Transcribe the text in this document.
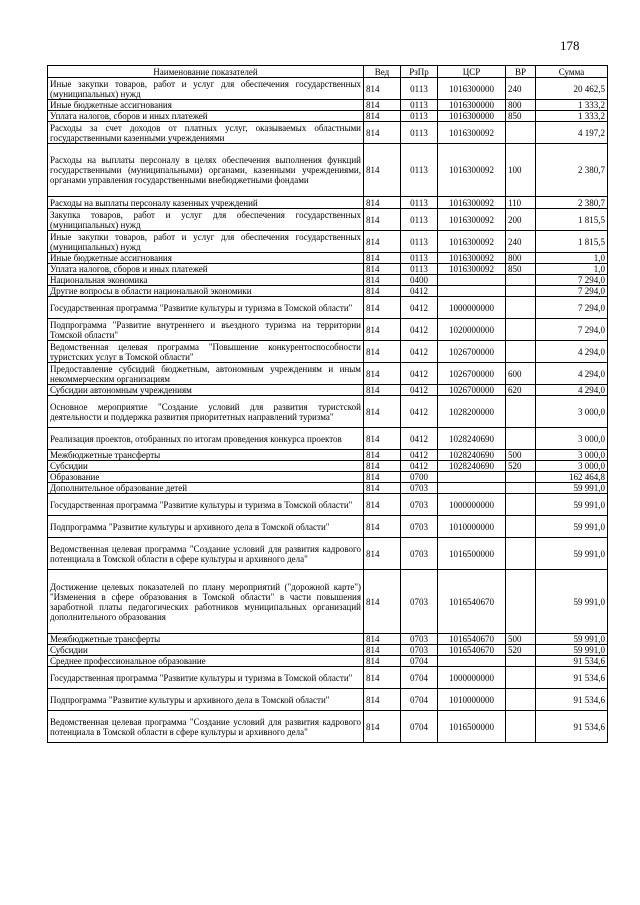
178
Наименование показателей	Вед	РзПр	ЦСР	ВР	Сумма
Иные закупки товаров, работ и услуг для обеспечения государственных (муниципальных) нужд	814	0113	1016300000	240	20 462,5
Иные бюджетные ассигнования	814	0113	1016300000	800	1 333,2
Уплата налогов, сборов и иных платежей	814	0113	1016300000	850	1 333,2
Расходы за счет доходов от платных услуг, оказываемых областными государственными казенными учреждениями	814	0113	1016300092		4 197,2
Расходы на выплаты персоналу в целях обеспечения выполнения функций государственными (муниципальными) органами, казенными учреждениями, органами управления государственными внебюджетными фондами	814	0113	1016300092	100	2 380,7
Расходы на выплаты персоналу казенных учреждений	814	0113	1016300092	110	2 380,7
Закупка товаров, работ и услуг для обеспечения государственных (муниципальных) нужд	814	0113	1016300092	200	1 815,5
Иные закупки товаров, работ и услуг для обеспечения государственных (муниципальных) нужд	814	0113	1016300092	240	1 815,5
Иные бюджетные ассигнования	814	0113	1016300092	800	1,0
Уплата налогов, сборов и иных платежей	814	0113	1016300092	850	1,0
Национальная экономика	814	0400			7 294,0
Другие вопросы в области национальной экономики	814	0412			7 294,0
Государственная программа "Развитие культуры и туризма в Томской области"	814	0412	1000000000		7 294,0
Подпрограмма "Развитие внутреннего и въездного туризма на территории Томской области"	814	0412	1020000000		7 294,0
Ведомственная целевая программа "Повышение конкурентоспособности туристских услуг в Томской области"	814	0412	1026700000		4 294,0
Предоставление субсидий бюджетным, автономным учреждениям и иным некоммерческим организациям	814	0412	1026700000	600	4 294,0
Субсидии автономным учреждениям	814	0412	1026700000	620	4 294,0
Основное мероприятие "Создание условий для развития туристской деятельности и поддержка развития приоритетных направлений туризма"	814	0412	1028200000		3 000,0
Реализация проектов, отобранных по итогам проведения конкурса проектов	814	0412	1028240690		3 000,0
Межбюджетные трансферты	814	0412	1028240690	500	3 000,0
Субсидии	814	0412	1028240690	520	3 000,0
Образование	814	0700			162 464,8
Дополнительное образование детей	814	0703			59 991,0
Государственная программа "Развитие культуры и туризма в Томской области"	814	0703	1000000000		59 991,0
Подпрограмма "Развитие культуры и архивного дела в Томской области"	814	0703	1010000000		59 991,0
Ведомственная целевая программа "Создание условий для развития кадрового потенциала в Томской области в сфере культуры и архивного дела"	814	0703	1016500000		59 991,0
Достижение целевых показателей по плану мероприятий ("дорожной карте") "Изменения в сфере образования в Томской области" в части повышения заработной платы педагогических работников муниципальных организаций дополнительного образования	814	0703	1016540670		59 991,0
Межбюджетные трансферты	814	0703	1016540670	500	59 991,0
Субсидии	814	0703	1016540670	520	59 991,0
Среднее профессиональное образование	814	0704			91 534,6
Государственная программа "Развитие культуры и туризма в Томской области"	814	0704	1000000000		91 534,6
Подпрограмма "Развитие культуры и архивного дела в Томской области"	814	0704	1010000000		91 534,6
Ведомственная целевая программа "Создание условий для развития кадрового потенциала в Томской области в сфере культуры и архивного дела"	814	0704	1016500000		91 534,6
